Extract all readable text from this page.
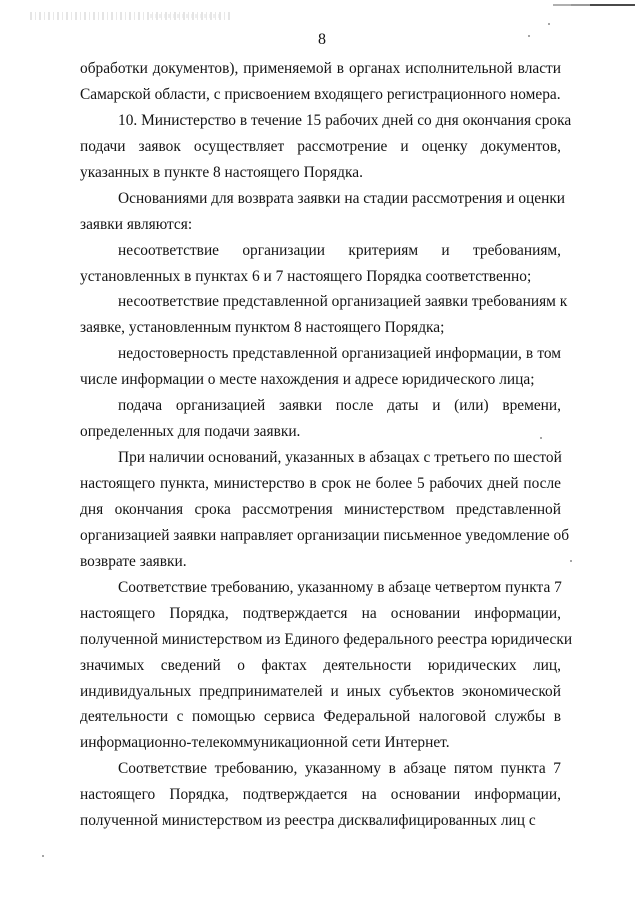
8
обработки документов), применяемой в органах исполнительной власти
Самарской области, с присвоением входящего регистрационного номера.
10. Министерство в течение 15 рабочих дней со дня окончания срока
подачи заявок осуществляет рассмотрение и оценку документов,
указанных в пункте 8 настоящего Порядка.
Основаниями для возврата заявки на стадии рассмотрения и оценки
заявки являются:
несоответствие организации критериям и требованиям,
установленных в пунктах 6 и 7 настоящего Порядка соответственно;
несоответствие представленной организацией заявки требованиям к
заявке, установленным пунктом 8 настоящего Порядка;
недостоверность представленной организацией информации, в том
числе информации о месте нахождения и адресе юридического лица;
подача организацией заявки после даты и (или) времени,
определенных для подачи заявки.
При наличии оснований, указанных в абзацах с третьего по шестой
настоящего пункта, министерство в срок не более 5 рабочих дней после
дня окончания срока рассмотрения министерством представленной
организацией заявки направляет организации письменное уведомление об
возврате заявки.
Соответствие требованию, указанному в абзаце четвертом пункта 7
настоящего Порядка, подтверждается на основании информации,
полученной министерством из Единого федерального реестра юридически
значимых сведений о фактах деятельности юридических лиц,
индивидуальных предпринимателей и иных субъектов экономической
деятельности с помощью сервиса Федеральной налоговой службы в
информационно-телекоммуникационной сети Интернет.
Соответствие требованию, указанному в абзаце пятом пункта 7
настоящего Порядка, подтверждается на основании информации,
полученной министерством из реестра дисквалифицированных лиц с
